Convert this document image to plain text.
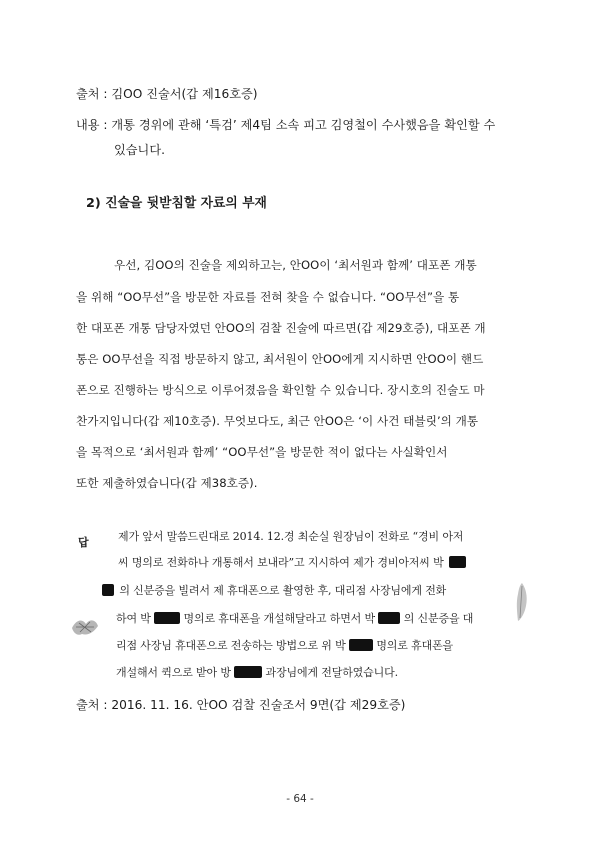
출처 : 김OO 진술서(갑 제16호증)
내용 : 개통 경위에 관해 ‘특검’ 제4팀 소속 피고 김영철이 수사했음을 확인할 수
있습니다.
2) 진술을 뒷받침할 자료의 부재
우선, 김OO의 진술을 제외하고는, 안OO이 ‘최서원과 함께’ 대포폰 개통
을 위해 “OO무선”을 방문한 자료를 전혀 찾을 수 없습니다. “OO무선”을 통
한 대포폰 개통 담당자였던 안OO의 검찰 진술에 따르면(갑 제29호증), 대포폰 개
통은 OO무선을 직접 방문하지 않고, 최서원이 안OO에게 지시하면 안OO이 핸드
폰으로 진행하는 방식으로 이루어졌음을 확인할 수 있습니다. 장시호의 진술도 마
찬가지입니다(갑 제10호증). 무엇보다도, 최근 안OO은 ‘이 사건 태블릿’의 개통
을 목적으로 ‘최서원과 함께’ “OO무선”을 방문한 적이 없다는 사실확인서
또한 제출하였습니다(갑 제38호증).
답	제가 앞서 말씀드린대로 2014. 12.경 최순실 원장님이 전화로 “경비 아저
씨 명의로 전화하나 개통해서 보내라”고 지시하여 제가 경비아저씨 박
의 신분증을 빌려서 제 휴대폰으로 촬영한 후, 대리점 사장님에게 전화
하여 박	명의로 휴대폰을 개설해달라고 하면서 박	의 신분증을 대
리점 사장님 휴대폰으로 전송하는 방법으로 위 박	명의로 휴대폰을
개설해서 퀵으로 받아 방	과장님에게 전달하였습니다.
출처 : 2016. 11. 16. 안OO 검찰 진술조서 9면(갑 제29호증)
- 64 -
